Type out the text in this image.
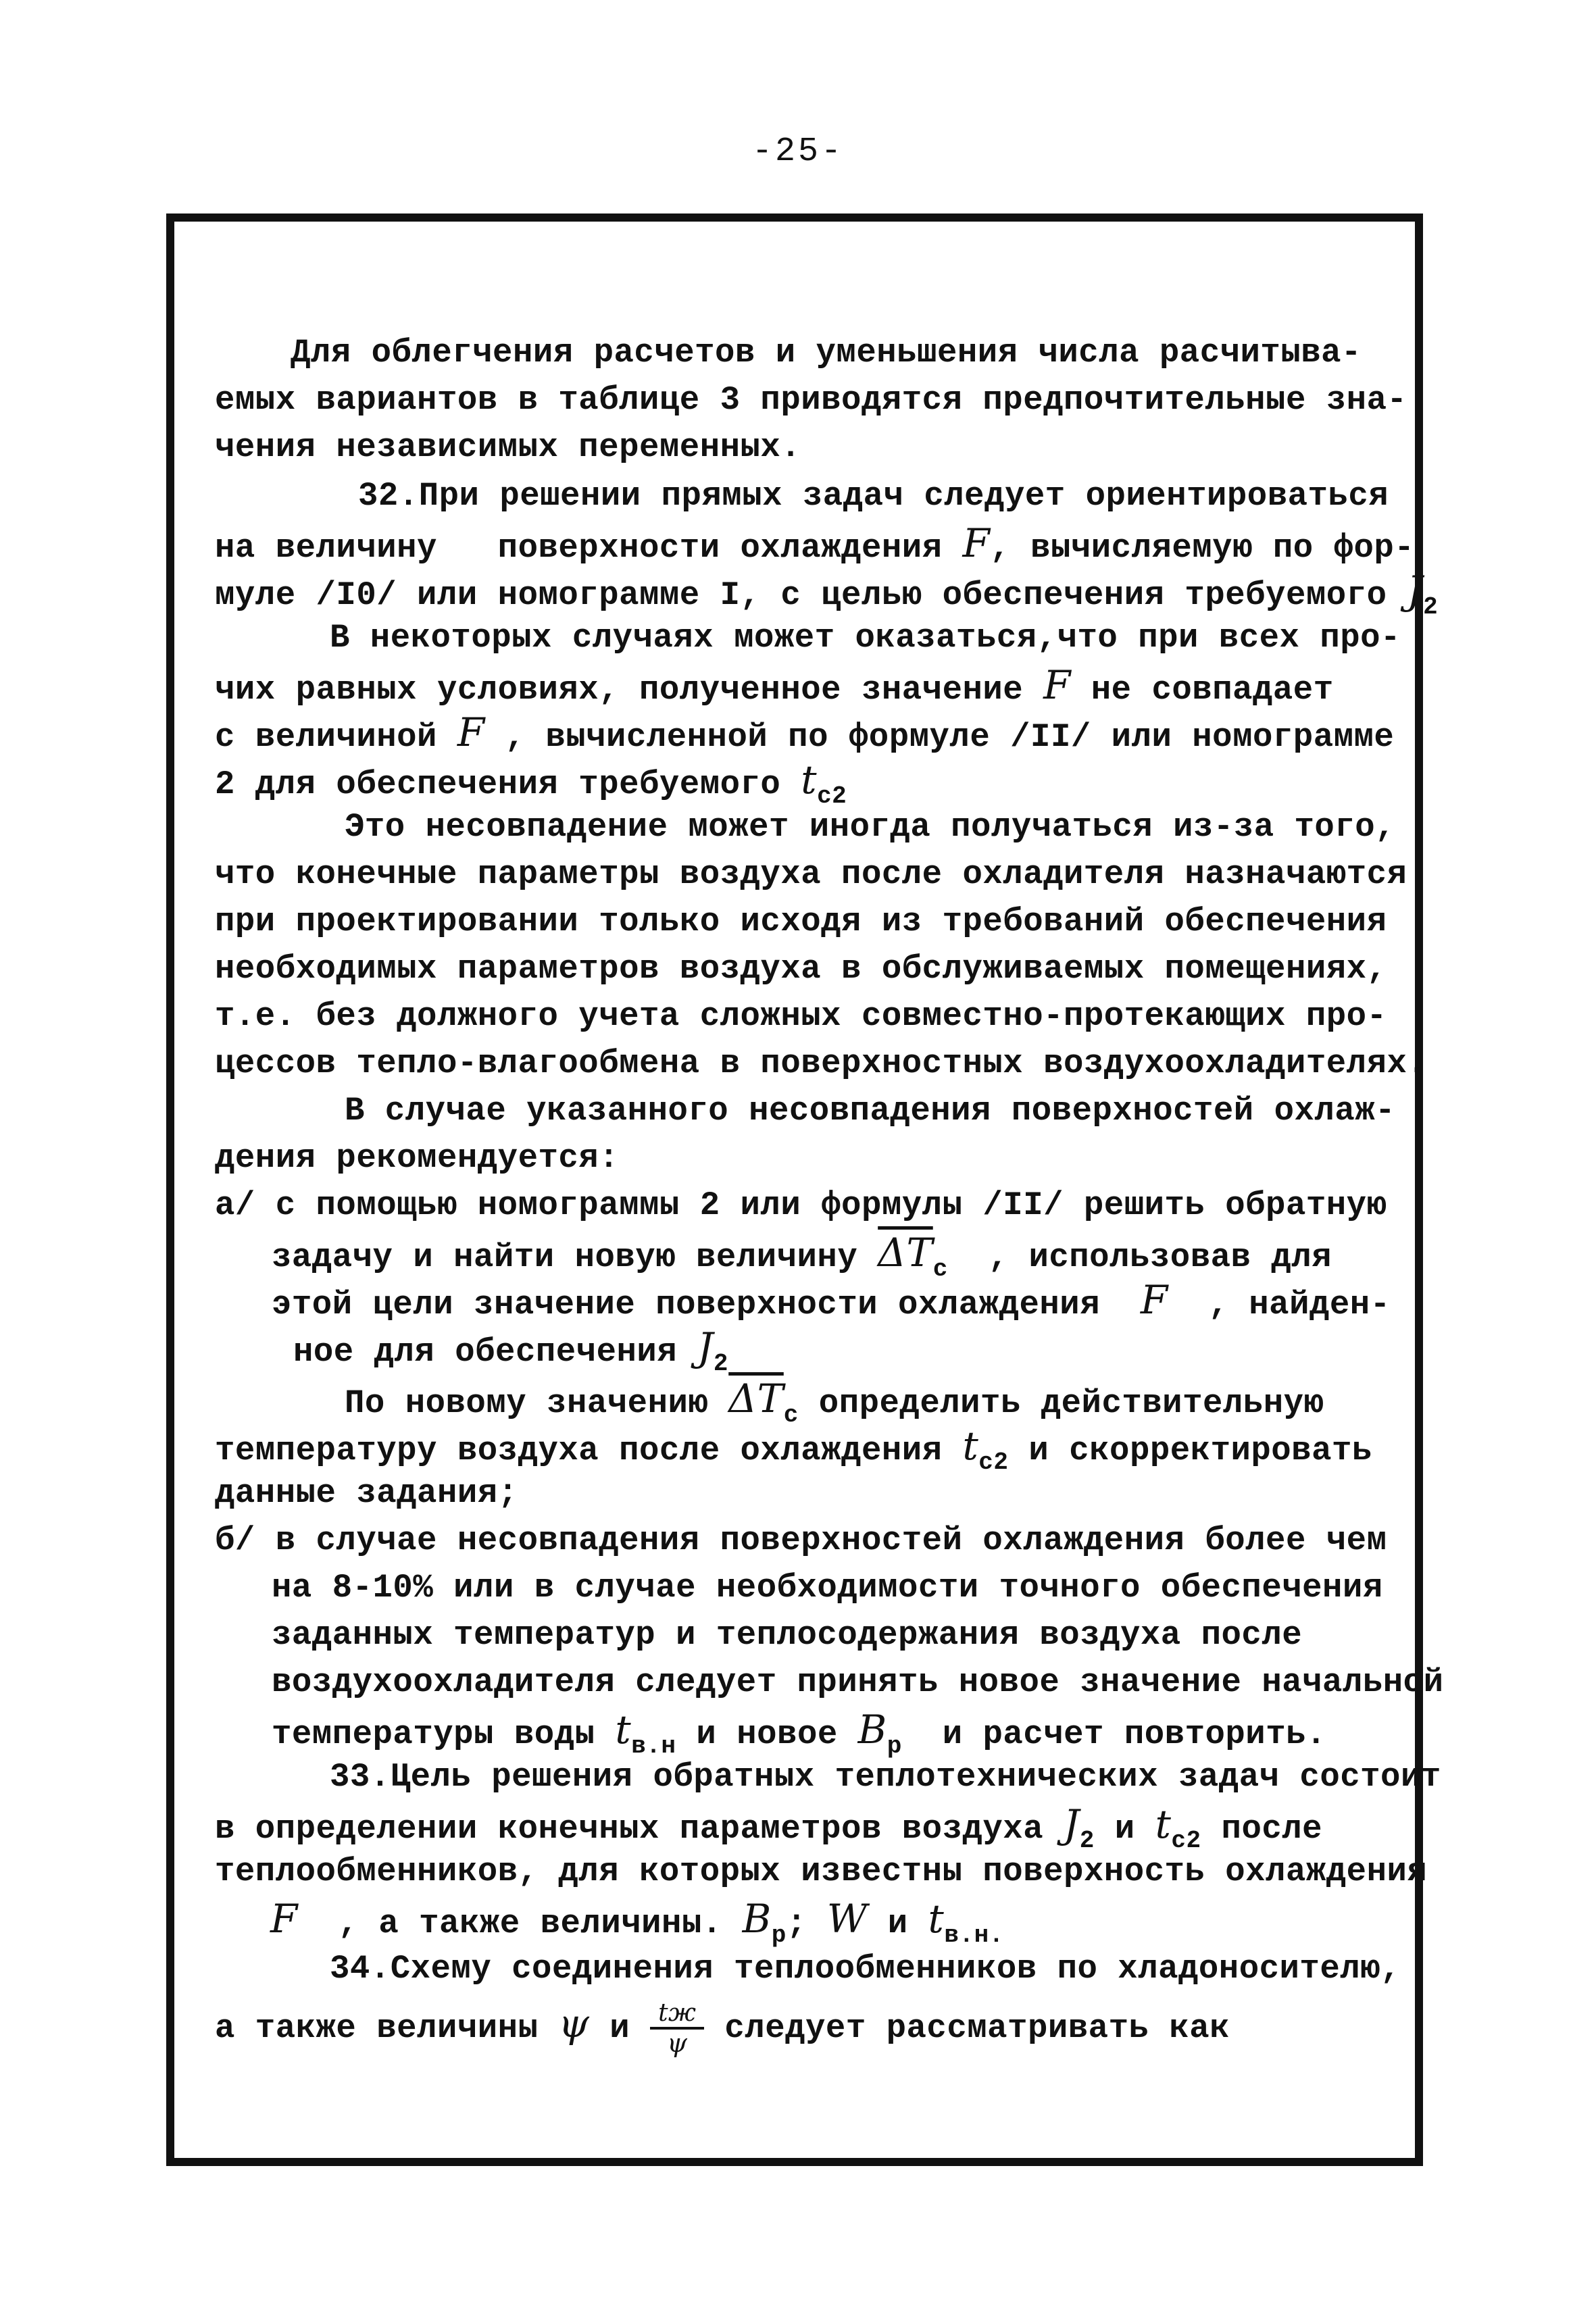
-25-
Для облегчения расчетов и уменьшения числа расчитыва-
емых вариантов в таблице 3 приводятся предпочтительные зна-
чения независимых переменных.
32.При решении прямых задач следует ориентироваться
на величину   поверхности охлаждения F, вычисляемую по фор-
муле /I0/ или номограмме I, с целью обеспечения требуемого $J_2$
В некоторых случаях может оказаться,что при всех про-
чих равных условиях, полученное значение F не совпадает
с величиной F , вычисленной по формуле /II/ или номограмме
2 для обеспечения требуемого $t_{c2}$
Это несовпадение может иногда получаться из-за того,
что конечные параметры воздуха после охладителя назначаются
при проектировании только исходя из требований обеспечения
необходимых параметров воздуха в обслуживаемых помещениях,
т.е. без должного учета сложных совместно-протекающих про-
цессов тепло-влагообмена в поверхностных воздухоохладителях.
В случае указанного несовпадения поверхностей охлаж-
дения рекомендуется:
а/ с помощью номограммы 2 или формулы /II/ решить обратную
задачу и найти новую величину $\overline{\Delta T}_c$  , использовав для
этой цели значение поверхности охлаждения  F  , найден-
ное для обеспечения $J_2$
По новому значению $\overline{\Delta T}_c$ определить действительную
температуру воздуха после охлаждения $t_{c2}$ и скорректировать
данные задания;
б/ в случае несовпадения поверхностей охлаждения более чем
на 8-10% или в случае необходимости точного обеспечения
заданных температур и теплосодержания воздуха после
воздухоохладителя следует принять новое значение начальной
температуры воды $t_{в.н}$ и новое $B_p$  и расчет повторить.
33.Цель решения обратных теплотехнических задач состоит
в определении конечных параметров воздуха $J_2$ и $t_{c2}$ после
теплообменников, для которых известны поверхность охлаждения
F  , а также величины. $B_p$; W и $t_{в.н.}$
34.Схему соединения теплообменников по хладоносителю,
а также величины ψ и $\frac{tж}{\psi}$ следует рассматривать как
